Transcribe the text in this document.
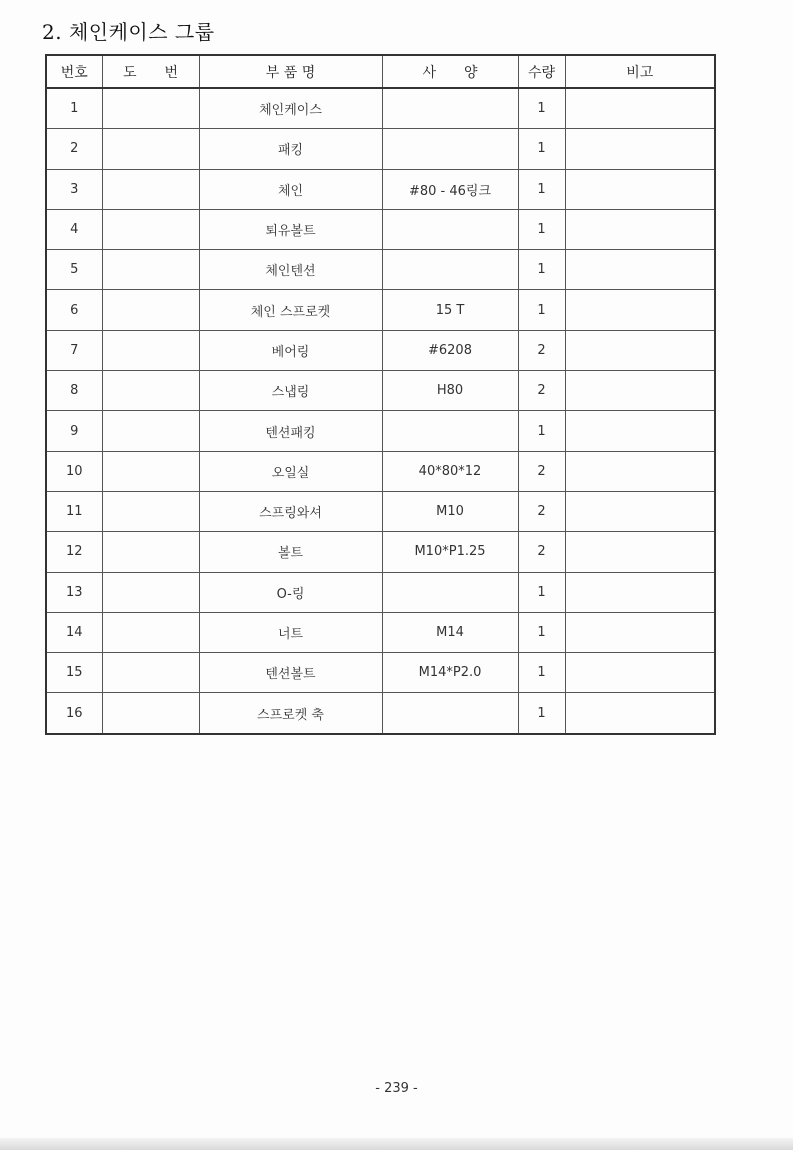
2. 체인케이스 그룹
번호	도　　번	부 품 명	사　　양	수량	비고
1		체인케이스		1	
2		패킹		1	
3		체인	#80 - 46링크	1	
4		퇴유볼트		1	
5		체인텐션		1	
6		체인 스프로켓	15 T	1	
7		베어링	#6208	2	
8		스냅링	H80	2	
9		텐션패킹		1	
10		오일실	40*80*12	2	
11		스프링와셔	M10	2	
12		볼트	M10*P1.25	2	
13		O-링		1	
14		너트	M14	1	
15		텐션볼트	M14*P2.0	1	
16		스프로켓 축		1	
- 239 -
